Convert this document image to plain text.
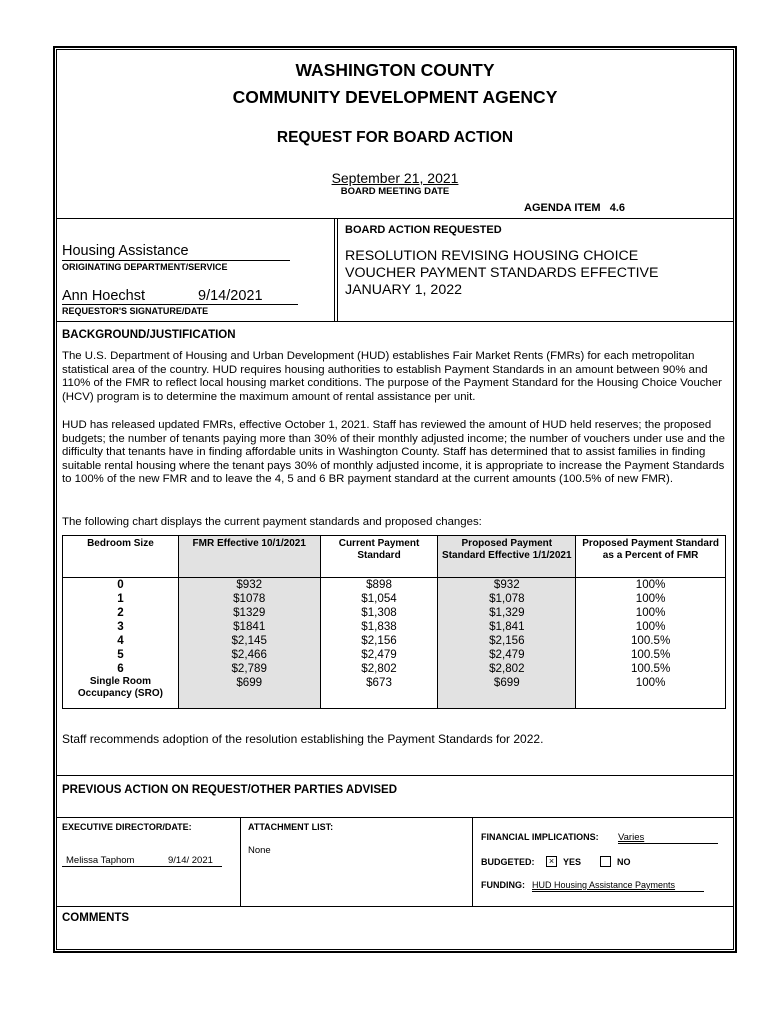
WASHINGTON COUNTY
COMMUNITY DEVELOPMENT AGENCY
REQUEST FOR BOARD ACTION
September 21, 2021
BOARD MEETING DATE
AGENDA ITEM   4.6
Housing Assistance
ORIGINATING DEPARTMENT/SERVICE
Ann Hoechst	9/14/2021
REQUESTOR'S SIGNATURE/DATE
BOARD ACTION REQUESTED
RESOLUTION REVISING HOUSING CHOICE VOUCHER PAYMENT STANDARDS EFFECTIVE JANUARY 1, 2022
BACKGROUND/JUSTIFICATION
The U.S. Department of Housing and Urban Development (HUD) establishes Fair Market Rents (FMRs) for each metropolitan statistical area of the country. HUD requires housing authorities to establish Payment Standards in an amount between 90% and 110% of the FMR to reflect local housing market conditions. The purpose of the Payment Standard for the Housing Choice Voucher (HCV) program is to determine the maximum amount of rental assistance per unit.
HUD has released updated FMRs, effective October 1, 2021. Staff has reviewed the amount of HUD held reserves; the proposed budgets; the number of tenants paying more than 30% of their monthly adjusted income; the number of vouchers under use and the difficulty that tenants have in finding affordable units in Washington County. Staff has determined that to assist families in finding suitable rental housing where the tenant pays 30% of monthly adjusted income, it is appropriate to increase the Payment Standards to 100% of the new FMR and to leave the 4, 5 and 6 BR payment standard at the current amounts (100.5% of new FMR).
The following chart displays the current payment standards and proposed changes:
Bedroom Size	FMR Effective 10/1/2021	Current Payment Standard	Proposed Payment Standard Effective 1/1/2021	Proposed Payment Standard as a Percent of FMR
0	$932	$898	$932	100%
1	$1078	$1,054	$1,078	100%
2	$1329	$1,308	$1,329	100%
3	$1841	$1,838	$1,841	100%
4	$2,145	$2,156	$2,156	100.5%
5	$2,466	$2,479	$2,479	100.5%
6	$2,789	$2,802	$2,802	100.5%
Single Room Occupancy (SRO)	$699	$673	$699	100%
Staff recommends adoption of the resolution establishing the Payment Standards for 2022.
PREVIOUS ACTION ON REQUEST/OTHER PARTIES ADVISED
EXECUTIVE DIRECTOR/DATE:
Melissa Taphom	9/14/ 2021
ATTACHMENT LIST:
None
FINANCIAL IMPLICATIONS: Varies
BUDGETED:	× YES	NO
FUNDING: HUD Housing Assistance Payments
COMMENTS
